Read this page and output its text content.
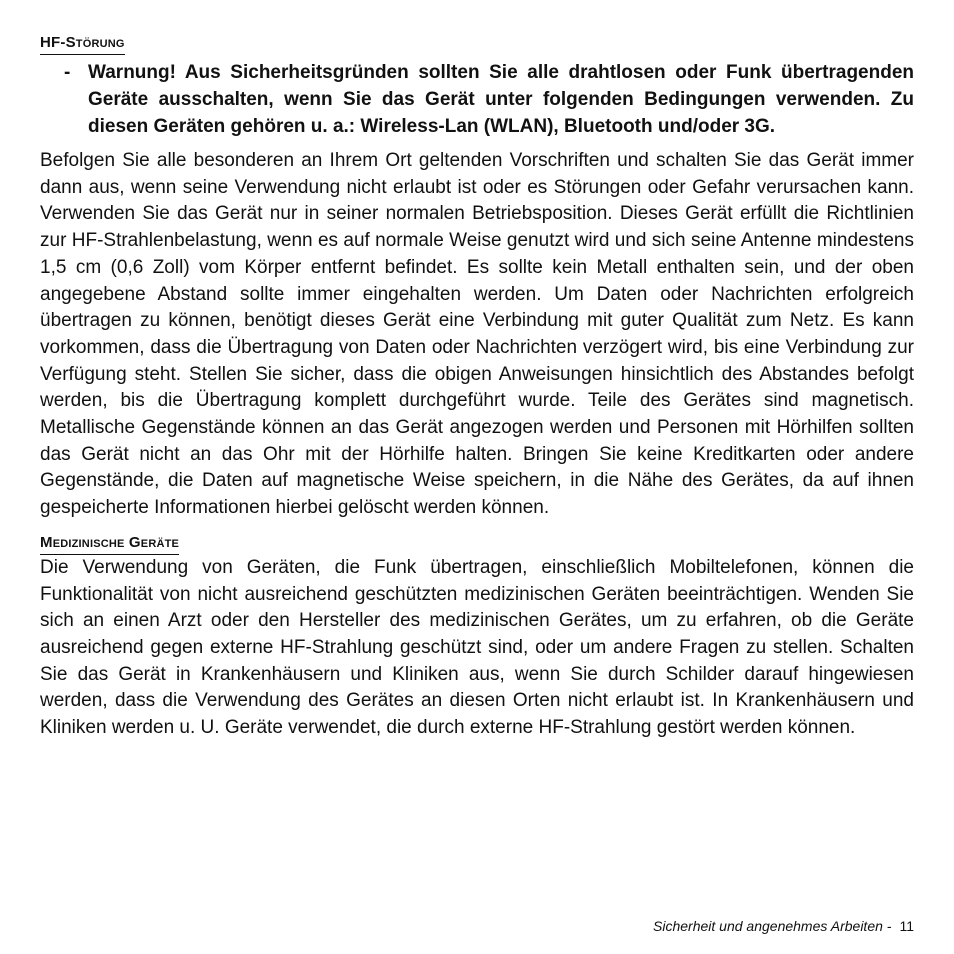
HF-Störung
- Warnung! Aus Sicherheitsgründen sollten Sie alle drahtlosen oder Funk übertragenden Geräte ausschalten, wenn Sie das Gerät unter folgenden Bedingungen verwenden. Zu diesen Geräten gehören u. a.: Wireless-Lan (WLAN), Bluetooth und/oder 3G.

Befolgen Sie alle besonderen an Ihrem Ort geltenden Vorschriften und schalten Sie das Gerät immer dann aus, wenn seine Verwendung nicht erlaubt ist oder es Störungen oder Gefahr verursachen kann. Verwenden Sie das Gerät nur in seiner normalen Betriebsposition. Dieses Gerät erfüllt die Richtlinien zur HF-Strahlenbelastung, wenn es auf normale Weise genutzt wird und sich seine Antenne mindestens 1,5 cm (0,6 Zoll) vom Körper entfernt befindet. Es sollte kein Metall enthalten sein, und der oben angegebene Abstand sollte immer eingehalten werden. Um Daten oder Nachrichten erfolgreich übertragen zu können, benötigt dieses Gerät eine Verbindung mit guter Qualität zum Netz. Es kann vorkommen, dass die Übertragung von Daten oder Nachrichten verzögert wird, bis eine Verbindung zur Verfügung steht. Stellen Sie sicher, dass die obigen Anweisungen hinsichtlich des Abstandes befolgt werden, bis die Übertragung komplett durchgeführt wurde. Teile des Gerätes sind magnetisch. Metallische Gegenstände können an das Gerät angezogen werden und Personen mit Hörhilfen sollten das Gerät nicht an das Ohr mit der Hörhilfe halten. Bringen Sie keine Kreditkarten oder andere Gegenstände, die Daten auf magnetische Weise speichern, in die Nähe des Gerätes, da auf ihnen gespeicherte Informationen hierbei gelöscht werden können.

Medizinische Geräte

Die Verwendung von Geräten, die Funk übertragen, einschließlich Mobiltelefonen, können die Funktionalität von nicht ausreichend geschützten medizinischen Geräten beeinträchtigen. Wenden Sie sich an einen Arzt oder den Hersteller des medizinischen Gerätes, um zu erfahren, ob die Geräte ausreichend gegen externe HF-Strahlung geschützt sind, oder um andere Fragen zu stellen. Schalten Sie das Gerät in Krankenhäusern und Kliniken aus, wenn Sie durch Schilder darauf hingewiesen werden, dass die Verwendung des Gerätes an diesen Orten nicht erlaubt ist. In Krankenhäusern und Kliniken werden u. U. Geräte verwendet, die durch externe HF-Strahlung gestört werden können.

Sicherheit und angenehmes Arbeiten - 11
